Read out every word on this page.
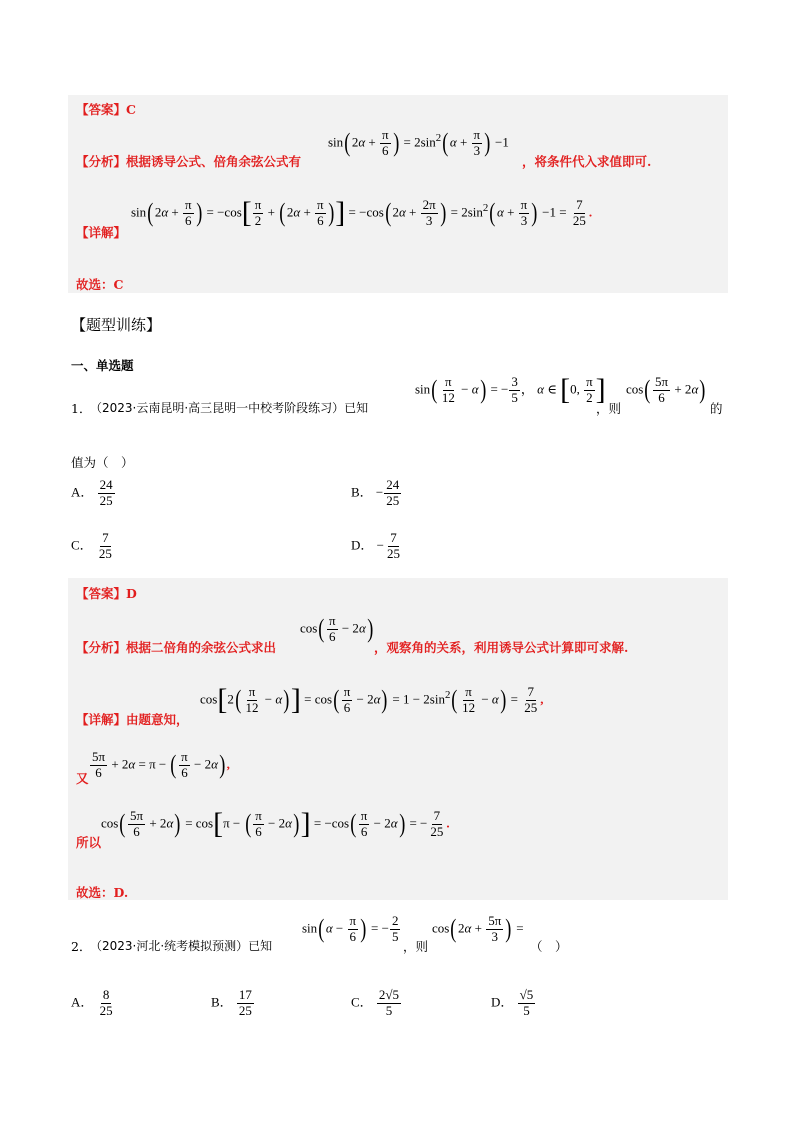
【答案】C
【分析】根据诱导公式、倍角余弦公式有
$\sin(2\alpha + \frac{\pi}{6}$ ) = $2\sin^2(\alpha + \frac{\pi}{3}$ ) −1
，将条件代入求值即可.
【详解】
$\sin(2\alpha + \frac{\pi}{6}$ ) = $-\cos[ \frac{\pi}{2} + (2\alpha + \frac{\pi}{6}$ )] = $-\cos(2\alpha + \frac{2\pi}{3}$ ) = $2\sin^2(\alpha + \frac{\pi}{3}$ ) $-1 = \frac{7}{25}$ .
故选：C
【题型训练】
一、单选题
1．
（2023·云南昆明·高三昆明一中校考阶段练习）已知
$\sin( \frac{\pi}{12} - \alpha)$ = − $\frac{3}{5}$ ， α ∈ [0, $\frac{\pi}{2}$ ]
，则
$\cos( \frac{5\pi}{6} + 2\alpha)$
的
值为（　）
A． $\frac{24}{25}$	B． − $\frac{24}{25}$
C． $\frac{7}{25}$	D． − $\frac{7}{25}$
【答案】D
【分析】根据二倍角的余弦公式求出
$\cos( \frac{\pi}{6} - 2\alpha)$
，观察角的关系，利用诱导公式计算即可求解.
【详解】由题意知，
$\cos[2( \frac{\pi}{12} - \alpha)] = \cos( \frac{\pi}{6} - 2\alpha) = 1 - 2\sin^2( \frac{\pi}{12} - \alpha) = \frac{7}{25}$ ,
又 $\frac{5\pi}{6} + 2\alpha = \pi$ − ( $\frac{\pi}{6} - 2\alpha$),
所以
$\cos( \frac{5\pi}{6} + 2\alpha) = \cos[\pi$ − ( $\frac{\pi}{6} - 2\alpha)] = -\cos( \frac{\pi}{6} - 2\alpha)$ = − $\frac{7}{25}$ .
故选：D.
2．
（2023·河北·统考模拟预测）已知
$\sin(\alpha - \frac{\pi}{6}$ ) = − $\frac{2}{5}$
，则
$\cos(2\alpha + \frac{5\pi}{3}$ ) =
（　）
A． $\frac{8}{25}$	B． $\frac{17}{25}$	C． $\frac{2√5}{5}$	D． $\frac{√5}{5}$
